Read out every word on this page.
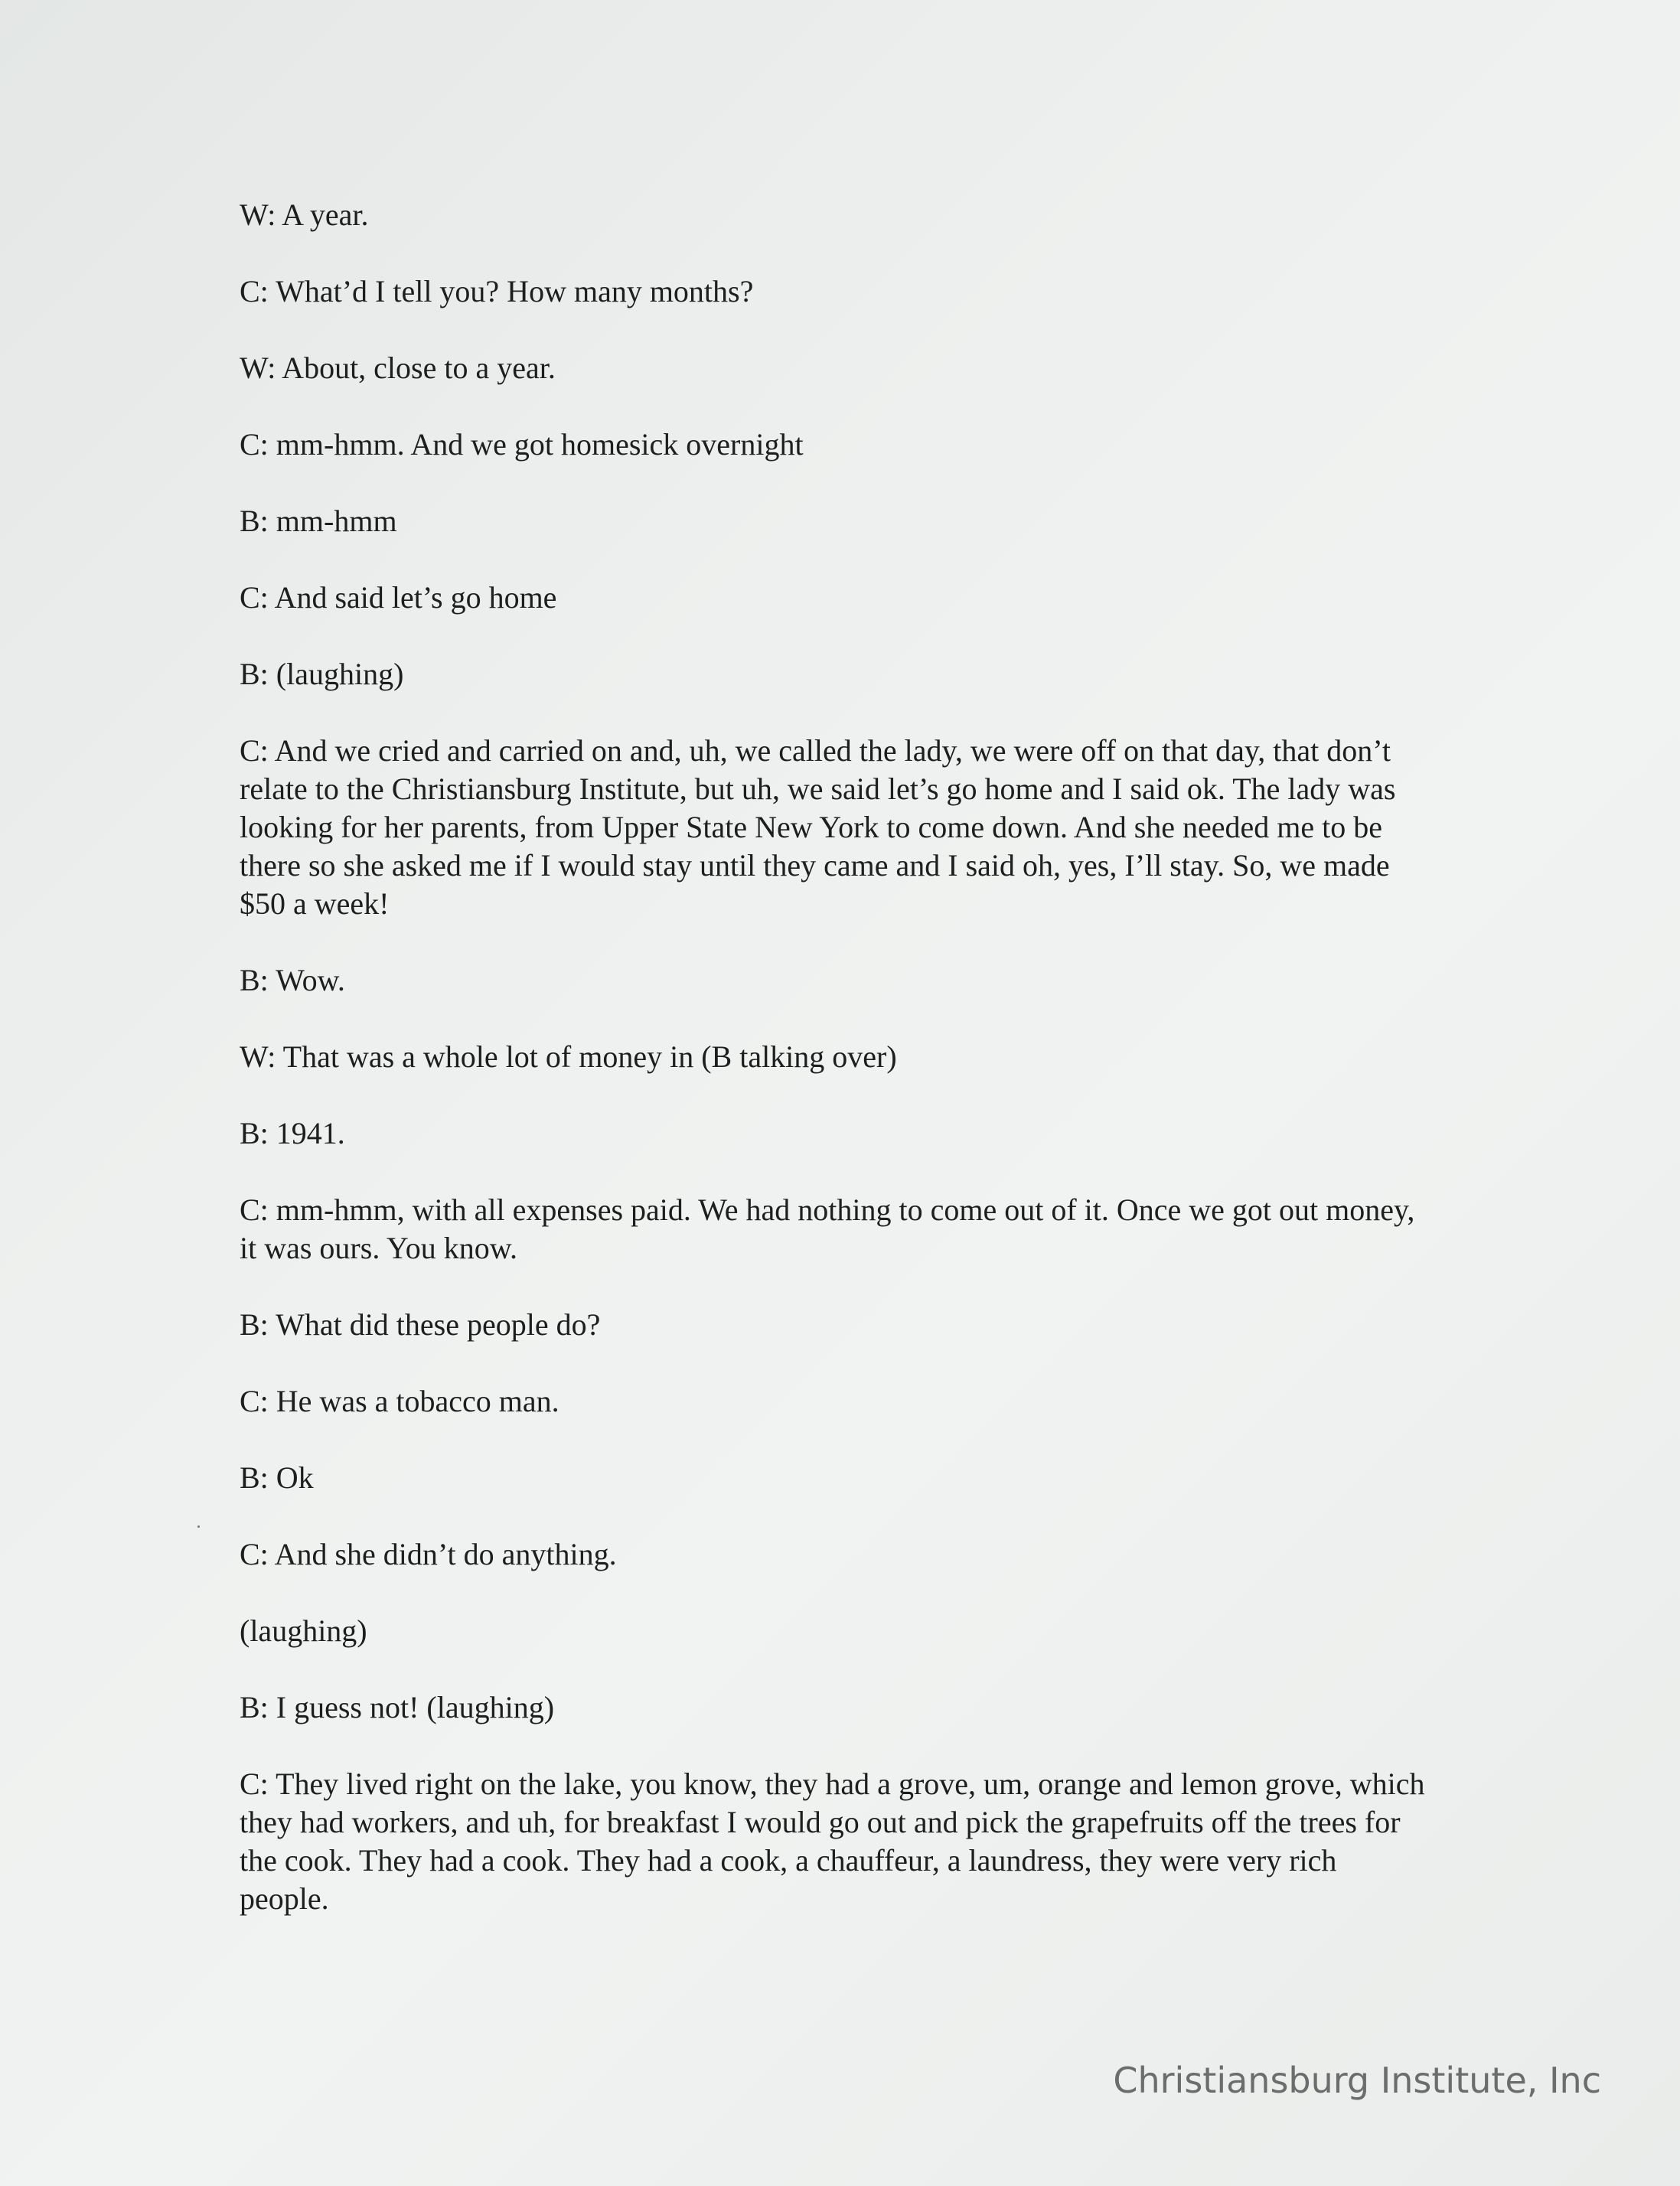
W: A year.

C: What’d I tell you? How many months?

W: About, close to a year.

C: mm-hmm. And we got homesick overnight

B: mm-hmm

C: And said let’s go home

B: (laughing)

C: And we cried and carried on and, uh, we called the lady, we were off on that day, that don’t relate to the Christiansburg Institute, but uh, we said let’s go home and I said ok. The lady was looking for her parents, from Upper State New York to come down. And she needed me to be there so she asked me if I would stay until they came and I said oh, yes, I’ll stay. So, we made $50 a week!

B: Wow.

W: That was a whole lot of money in (B talking over)

B: 1941.

C: mm-hmm, with all expenses paid. We had nothing to come out of it. Once we got out money, it was ours. You know.

B: What did these people do?

C: He was a tobacco man.

B: Ok

C: And she didn’t do anything.

(laughing)

B: I guess not! (laughing)

C: They lived right on the lake, you know, they had a grove, um, orange and lemon grove, which they had workers, and uh, for breakfast I would go out and pick the grapefruits off the trees for the cook. They had a cook. They had a cook, a chauffeur, a laundress, they were very rich people.

Christiansburg Institute, Inc
